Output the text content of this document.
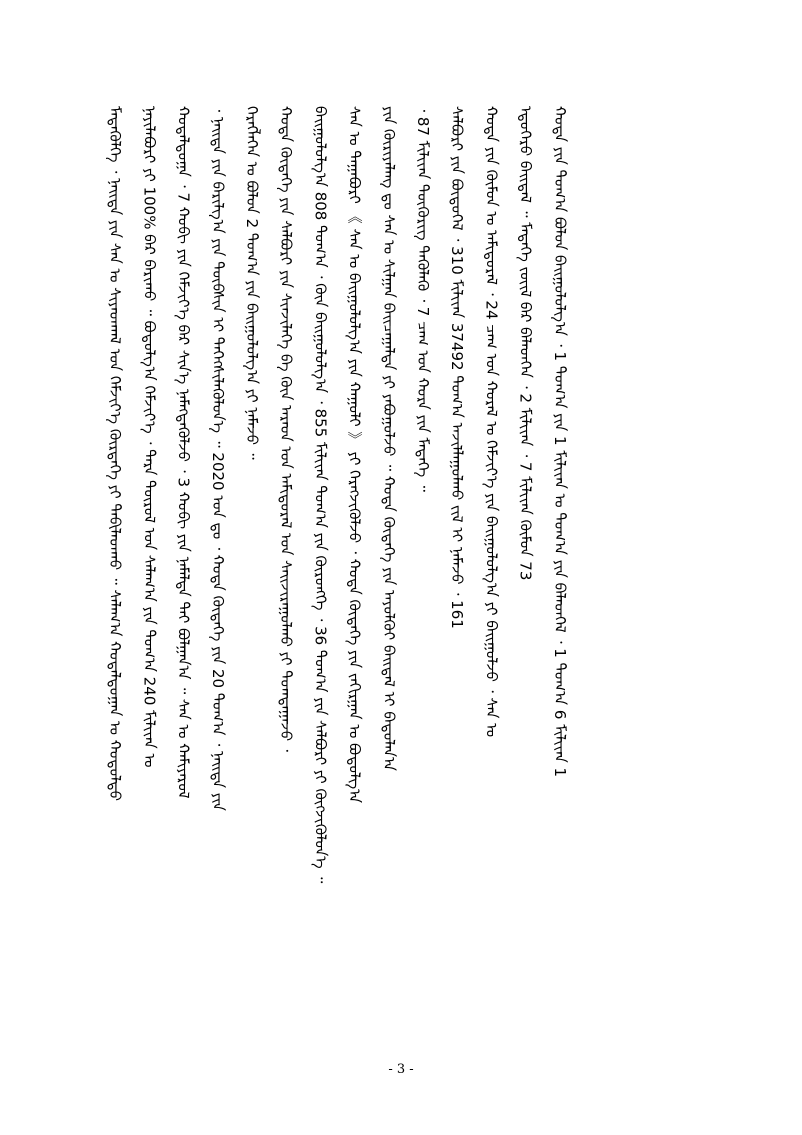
ᠮᠡᠳᠡᠭᠦᠯᠭᠡ ᠂ ᠨᠡᠢᠲᠡ ᠶᠢᠨ ᠰᠠᠨ ᠤ ᠰᠢᠶᠠᠳᠬᠠᠯ ᠤᠨ ᠬᠡᠮᠵᠢᠶ᠎ᠡ ᠬᠦᠷᠳᠡᠭᠡ ᠶᠢ ᠲᠠᠪᠢᠯᠠᠳᠬᠤ ᠃ ᠰᠠᠯᠠᠭ᠎ᠠ ᠬᠤᠳᠠᠯᠳᠤᠭᠠᠨ ᠤ ᠬᠤᠳᠤᠯᠳᠤ	ᠨᠡᠶᠢᠯᠡᠪᠦᠷᠢ ᠶᠢ 100% ᠪᠠᠷ ᠪᠠᠷᠢᠬᠤ ᠃ ᠪᠤᠳᠤᠯᠭ᠎ᠠ ᠬᠡᠮᠵᠢᠶ᠎ᠡ ᠂ ᠲᠡᠷᠡ ᠲᠦᠷᠦᠯ ᠤᠨ ᠰᠠᠯᠠᠭ᠎ᠠ ᠶᠢᠨ ᠲᠣᠭ᠎ᠠ 240 ᠮᠢᠯᠢᠶ᠋ᠠᠨ ᠤ	ᠬᠤᠳᠠᠯᠳᠤᠭᠠ ᠂ 7 ᠬᠤᠪᠢ ᠶᠢᠨ ᠬᠡᠮᠵᠢᠶ᠎ᠡ ᠪᠡᠷ ᠰᠢᠨ᠎ᠡ ᠨᠡᠮᠡᠭᠳᠡᠭᠦᠯᠵᠦ ᠂ 3 ᠬᠤᠪᠢ ᠶᠢᠨ ᠨᠡᠮᠡᠯᠲᠡ ᠲᠠᠢ ᠪᠣᠯᠭᠠᠨ᠎ᠠ ᠃ ᠰᠠᠨ ᠤ ᠬᠠᠮᠢᠶᠠᠷᠤᠯ	᠂ ᠨᠡᠢᠲᠡ ᠶᠢᠨ ᠪᠠᠷᠢᠯᠭ᠎ᠠ ᠶᠢᠨ ᠲᠦᠪᠰᠢᠨ ᠢ ᠳᠡᠭᠡᠭᠰᠢᠯᠡᠭᠦᠯᠦᠨ᠎ᠡ ᠃ 2020 ᠣᠨ ᠳᠤ ᠂ ᠬᠣᠲᠠ ᠬᠦᠳᠡᠭᠡ ᠶᠢᠨ 20 ᠲᠣᠭ᠎ᠠ ᠂ ᠨᠡᠢᠲᠡ ᠶᠢᠨ	ᠬᠡᠷᠡᠭᠯᠡᠭᠡᠨ ᠤ ᠪᠣᠯᠤᠨ 2 ᠲᠣᠭ᠎ᠠ ᠶᠢᠨ ᠪᠠᠢᠭᠤᠯᠤᠯᠭ᠎ᠠ ᠶᠢ ᠨᠡᠮᠡᠵᠦ ᠃	ᠬᠣᠲᠠ ᠬᠦᠳᠡᠭᠡ ᠶᠢᠨ ᠰᠠᠯᠪᠤᠷᠢ ᠶᠢᠨ ᠰᠢᠨᠵᠢᠯᠡᠭᠡ ᠪᠠ ᠬᠦᠨ ᠠᠷᠠᠳ ᠤᠨ ᠠᠮᠢᠳᠤᠷᠠᠯ ᠤᠨ ᠰᠠᠢᠵᠢᠷᠠᠭᠤᠯᠬᠤ ᠶᠢ ᠲᠣᠭᠲᠠᠭᠠᠵᠤ ᠂	ᠪᠠᠢᠭᠤᠯᠤᠯᠭ᠎ᠠ 808 ᠲᠣᠭ᠎ᠠ ᠂ ᠬᠦᠨ ᠪᠠᠢᠭᠤᠯᠤᠯᠭ᠎ᠠ ᠂ 855 ᠮᠢᠯᠢᠶ᠋ᠠᠨ ᠲᠣᠭ᠎ᠠ ᠶᠢᠨ ᠬᠥᠷᠥᠩᠭᠡ ᠂ 36 ᠲᠣᠭ᠎ᠠ ᠶᠢᠨ ᠰᠠᠯᠪᠤᠷᠢ ᠶᠢ ᠬᠥᠭᠵᠢᠭᠦᠯᠦᠨ᠎ᠡ ᠃	ᠰᠠᠨ ᠤ ᠳᠠᠭᠠᠪᠤᠷᠢ 《 ᠰᠠᠨ ᠤ ᠪᠠᠢᠭᠤᠯᠤᠯᠭ᠎ᠠ ᠶᠢᠨ ᠬᠠᠭᠤᠯᠢ 》 ᠶᠢ ᠬᠡᠷᠡᠭᠵᠢᠭᠦᠯᠵᠦ ᠂ ᠬᠣᠲᠠ ᠬᠦᠳᠡᠭᠡ ᠶᠢᠨ ᠵᠠᠬᠢᠷᠭᠠᠨ ᠤ ᠪᠣᠳᠣᠯᠭ᠎ᠠ	ᠶᠢᠨ ᠬᠦᠷᠢᠶᠡᠯᠡᠩ ᠳᠤ ᠰᠠᠨ ᠤ ᠰᠢᠯᠭᠠᠨ ᠪᠠᠢᠴᠠᠭᠠᠯᠲᠠ ᠶᠢ ᠶᠠᠪᠤᠭᠤᠯᠵᠤ ᠃ ᠬᠣᠲᠠ ᠬᠦᠳᠡᠭᠡ ᠶᠢᠨ ᠠᠶᠤᠯᠭᠦᠢ ᠪᠠᠢᠳᠠᠯ ᠢ ᠪᠠᠲᠤᠯᠠᠨ᠎ᠠ	᠂ 87 ᠮᠢᠯᠢᠶ᠋ᠠᠨ ᠲᠥᠭᠦᠷᠢᠭ ᠲᠡᠭᠦᠯᠡᠬᠦ ᠂ 7 ᠴᠠᠭ ᠤᠨ ᠬᠤᠷᠠ ᠶᠢᠨ ᠮᠡᠳᠡᠭᠡ ᠃	ᠰᠠᠯᠪᠤᠷᠢ ᠶᠢᠨ ᠪᠦᠲᠦᠭᠡᠯ ᠂ 310 ᠮᠢᠯᠢᠶ᠋ᠠᠨ 37492 ᠲᠣᠭ᠎ᠠ ᠠᠵᠢᠯᠯᠠᠭᠤᠯᠬᠤ ᠵᠢᠯ ᠢ ᠨᠡᠮᠡᠵᠦ ᠂ 161	ᠬᠣᠲᠠ ᠶᠢᠨ ᠬᠦᠮᠦᠨ ᠤ ᠠᠮᠢᠳᠤᠷᠠᠯ ᠂ 24 ᠴᠠᠭ ᠤᠨ ᠬᠤᠷᠠᠯ ᠤ ᠬᠡᠮᠵᠢᠶ᠎ᠡ ᠶᠢᠨ ᠪᠠᠢᠭᠤᠯᠤᠯᠭ᠎ᠠ ᠶᠢ ᠪᠠᠢᠭᠤᠯᠵᠤ ᠂ ᠰᠠᠨ ᠤ	ᠡᠳ᠋ᠦᠭᠡᠷᠦ ᠪᠠᠢᠳᠠᠯ ᠃ ᠮᠡᠳᠡᠭᠡ ᠵᠦᠢᠯ ᠪᠠᠷ ᠪᠡᠯᠡᠳᠬᠡᠨ ᠂ 2 ᠮᠢᠯᠢᠶ᠋ᠠᠨ ᠂ 7 ᠮᠢᠯᠢᠶ᠋ᠠᠨ ᠬᠦᠮᠦᠨ 73	ᠬᠣᠲᠠ ᠶᠢᠨ ᠲᠣᠭ᠎ᠠ ᠪᠣᠯᠤᠨ ᠪᠠᠢᠭᠤᠯᠤᠯᠭ᠎ᠠ ᠂ 1 ᠲᠣᠭ᠎ᠠ ᠶᠢᠨ 1 ᠮᠢᠯᠢᠶ᠋ᠠᠨ ᠤ ᠲᠣᠭ᠎ᠠ ᠶᠢᠨ ᠪᠡᠯᠡᠳᠬᠡᠯ ᠂ 1 ᠲᠣᠭ᠎ᠠ 6 ᠮᠢᠯᠢᠶ᠋ᠠᠨ 1
- 3 -
